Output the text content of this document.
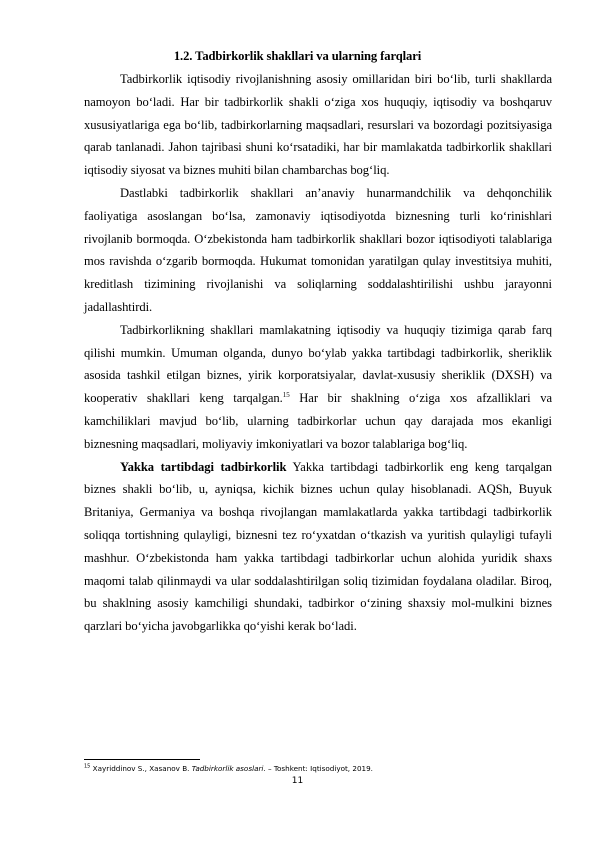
1.2. Tadbirkorlik shakllari va ularning farqlari

Tadbirkorlik iqtisodiy rivojlanishning asosiy omillaridan biri bo‘lib, turli shakllarda namoyon bo‘ladi. Har bir tadbirkorlik shakli o‘ziga xos huquqiy, iqtisodiy va boshqaruv xususiyatlariga ega bo‘lib, tadbirkorlarning maqsadlari, resurslari va bozordagi pozitsiyasiga qarab tanlanadi. Jahon tajribasi shuni ko‘rsatadiki, har bir mamlakatda tadbirkorlik shakllari iqtisodiy siyosat va biznes muhiti bilan chambarchas bog‘liq.

Dastlabki tadbirkorlik shakllari an’anaviy hunarmandchilik va dehqonchilik faoliyatiga asoslangan bo‘lsa, zamonaviy iqtisodiyotda biznesning turli ko‘rinishlari rivojlanib bormoqda. O‘zbekistonda ham tadbirkorlik shakllari bozor iqtisodiyoti talablariga mos ravishda o‘zgarib bormoqda. Hukumat tomonidan yaratilgan qulay investitsiya muhiti, kreditlash tizimining rivojlanishi va soliqlarning soddalashtirilishi ushbu jarayonni jadallashtirdi.

Tadbirkorlikning shakllari mamlakatning iqtisodiy va huquqiy tizimiga qarab farq qilishi mumkin. Umuman olganda, dunyo bo‘ylab yakka tartibdagi tadbirkorlik, sheriklik asosida tashkil etilgan biznes, yirik korporatsiyalar, davlat-xususiy sheriklik (DXSH) va kooperativ shakllari keng tarqalgan.$^{15}$ Har bir shaklning o‘ziga xos afzalliklari va kamchiliklari mavjud bo‘lib, ularning tadbirkorlar uchun qay darajada mos ekanligi biznesning maqsadlari, moliyaviy imkoniyatlari va bozor talablariga bog‘liq.

Yakka tartibdagi tadbirkorlik Yakka tartibdagi tadbirkorlik eng keng tarqalgan biznes shakli bo‘lib, u, ayniqsa, kichik biznes uchun qulay hisoblanadi. AQSh, Buyuk Britaniya, Germaniya va boshqa rivojlangan mamlakatlarda yakka tartibdagi tadbirkorlik soliqqa tortishning qulayligi, biznesni tez ro‘yxatdan o‘tkazish va yuritish qulayligi tufayli mashhur. O‘zbekistonda ham yakka tartibdagi tadbirkorlar uchun alohida yuridik shaxs maqomi talab qilinmaydi va ular soddalashtirilgan soliq tizimidan foydalana oladilar. Biroq, bu shaklning asosiy kamchiligi shundaki, tadbirkor o‘zining shaxsiy mol-mulkini biznes qarzlari bo‘yicha javobgarlikka qo‘yishi kerak bo‘ladi.

$^{15}$ Xayriddinov S., Xasanov B. Tadbirkorlik asoslari. – Toshkent: Iqtisodiyot, 2019.
11
